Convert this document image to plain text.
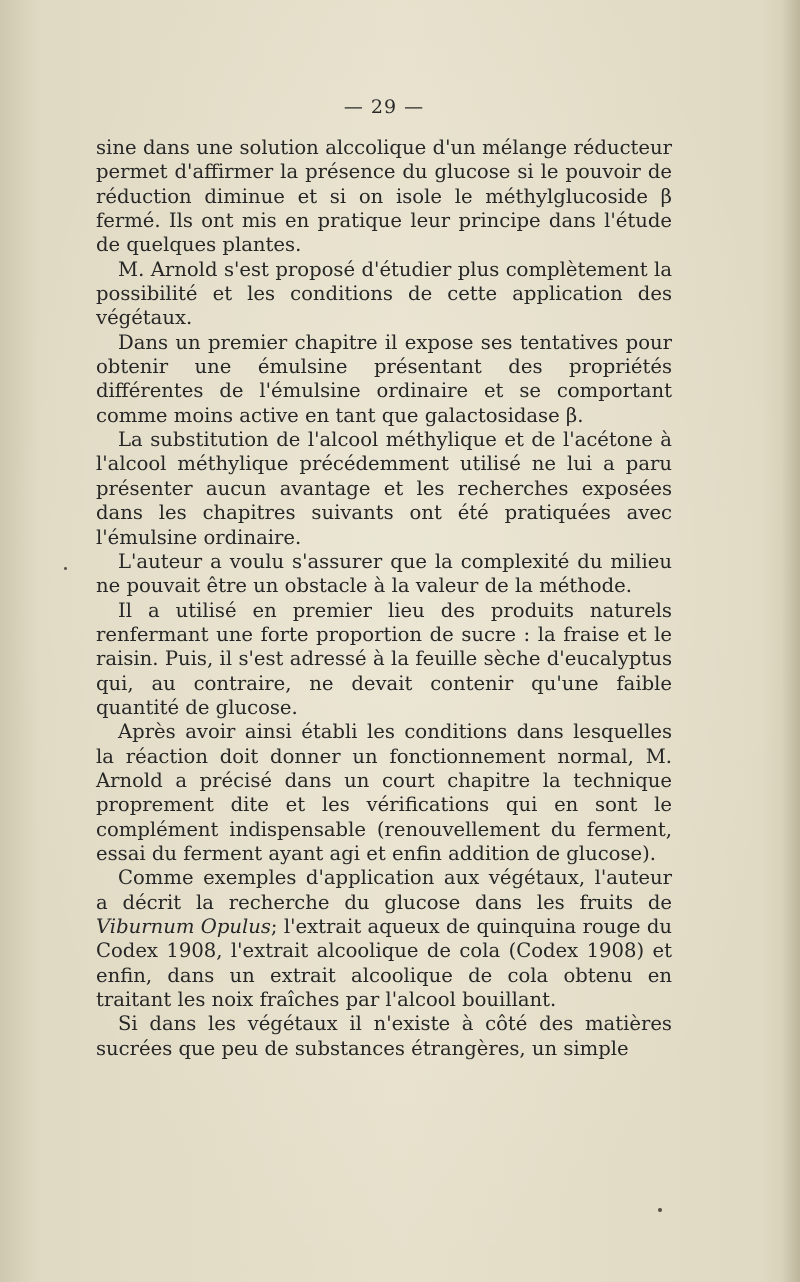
— 29 —

sine dans une solution alccolique d'un mélange réducteur permet d'affirmer la présence du glucose si le pouvoir de réduction diminue et si on isole le méthylglucoside β fermé. Ils ont mis en pratique leur principe dans l'étude de quelques plantes.

M. Arnold s'est proposé d'étudier plus complètement la possibilité et les conditions de cette application des végétaux.

Dans un premier chapitre il expose ses tentatives pour obtenir une émulsine présentant des propriétés différentes de l'émulsine ordinaire et se comportant comme moins active en tant que galactosidase β.

La substitution de l'alcool méthylique et de l'acétone à l'alcool méthylique précédemment utilisé ne lui a paru présenter aucun avantage et les recherches exposées dans les chapitres suivants ont été pratiquées avec l'émulsine ordinaire.

L'auteur a voulu s'assurer que la complexité du milieu ne pouvait être un obstacle à la valeur de la méthode.

Il a utilisé en premier lieu des produits naturels renfermant une forte proportion de sucre : la fraise et le raisin. Puis, il s'est adressé à la feuille sèche d'eucalyptus qui, au contraire, ne devait contenir qu'une faible quantité de glucose.

Après avoir ainsi établi les conditions dans lesquelles la réaction doit donner un fonctionnement normal, M. Arnold a précisé dans un court chapitre la technique proprement dite et les vérifications qui en sont le complément indispensable (renouvellement du ferment, essai du ferment ayant agi et enfin addition de glucose).

Comme exemples d'application aux végétaux, l'auteur a décrit la recherche du glucose dans les fruits de Viburnum Opulus; l'extrait aqueux de quinquina rouge du Codex 1908, l'extrait alcoolique de cola (Codex 1908) et enfin, dans un extrait alcoolique de cola obtenu en traitant les noix fraîches par l'alcool bouillant.

Si dans les végétaux il n'existe à côté des matières sucrées que peu de substances étrangères, un simple
